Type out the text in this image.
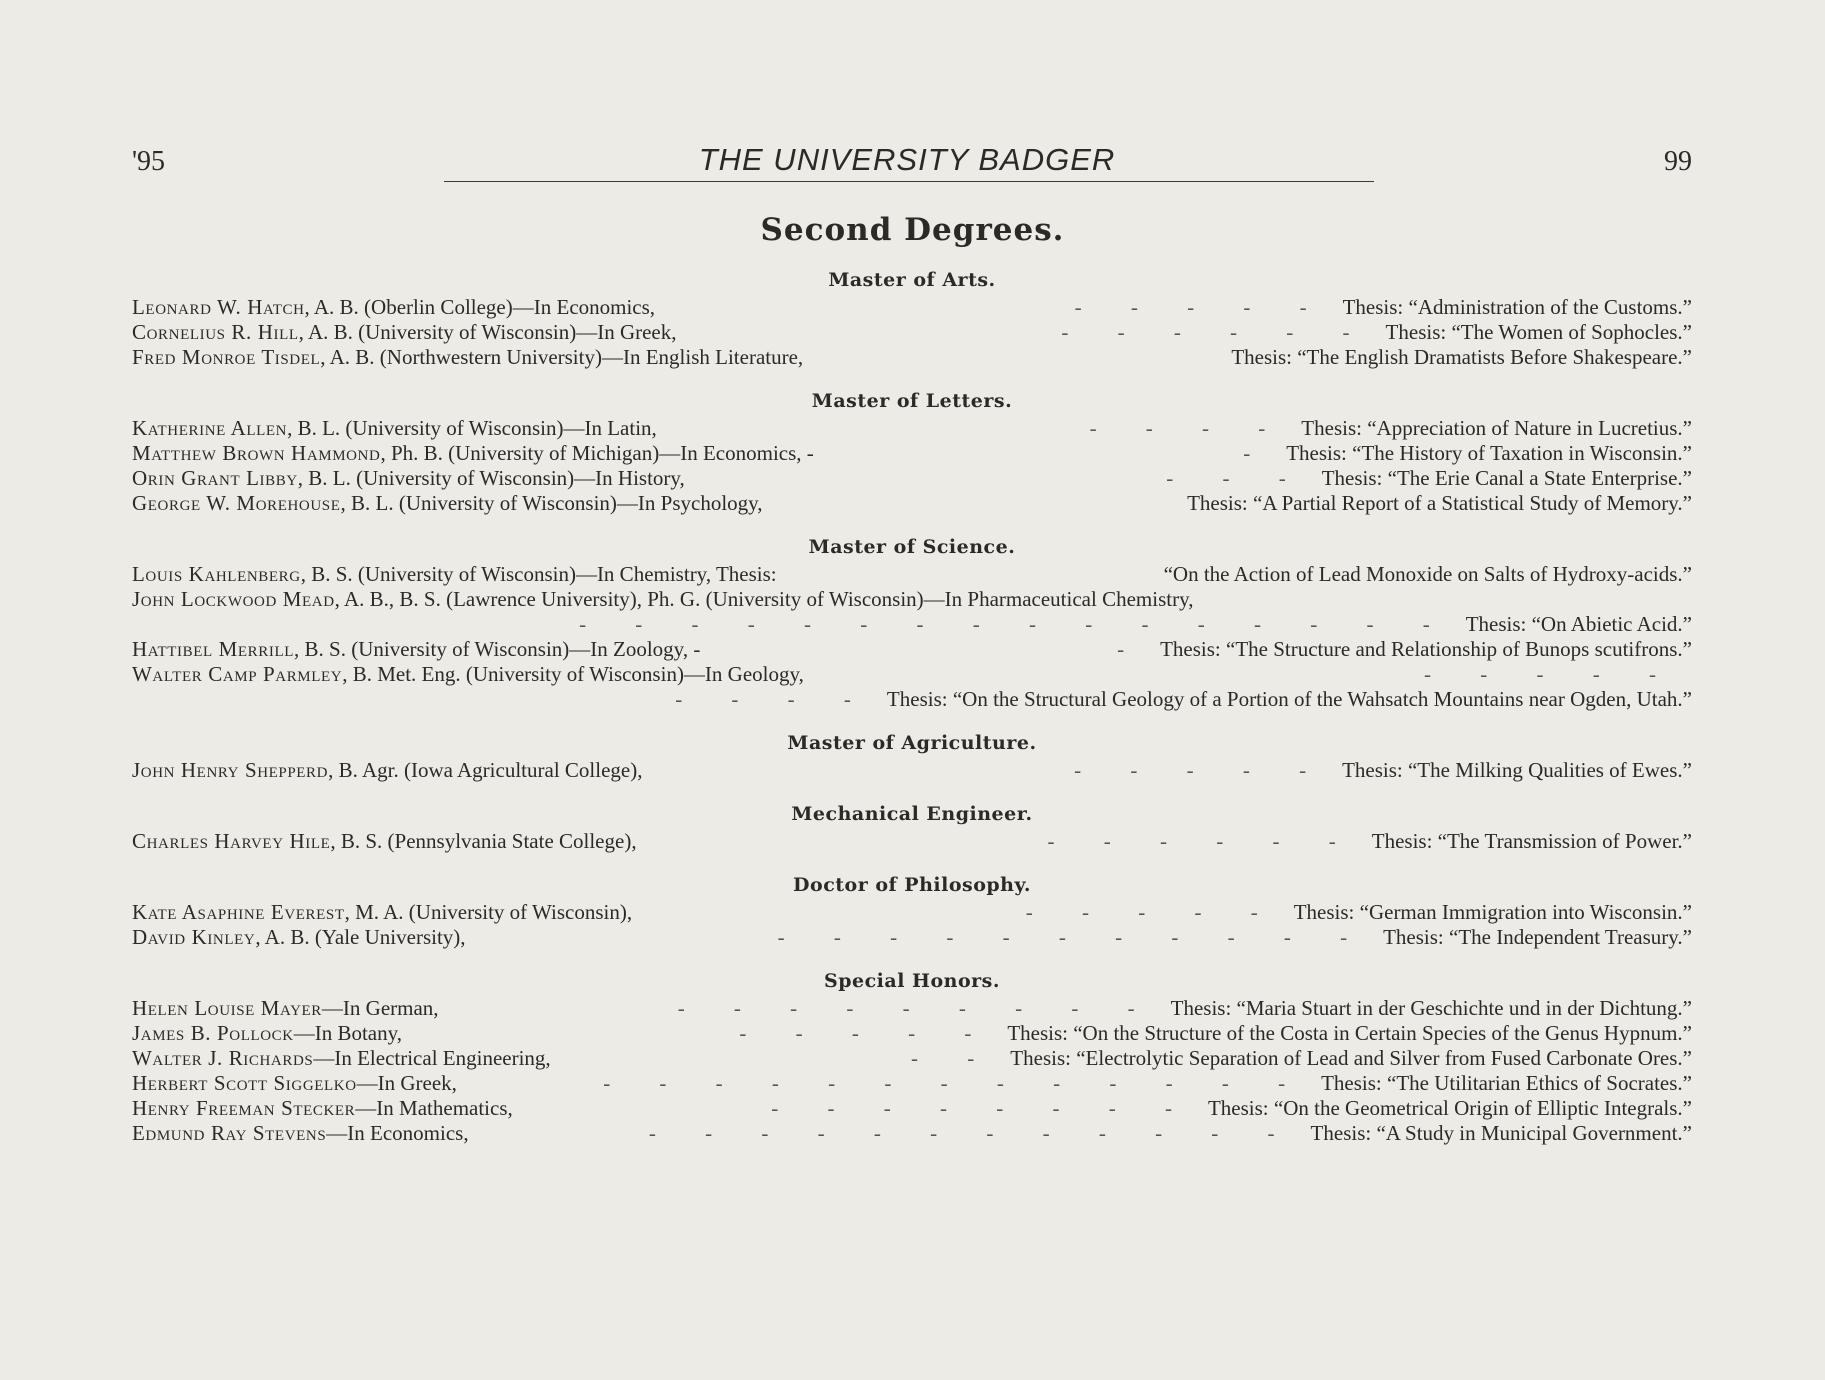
'95	THE UNIVERSITY BADGER	99
Second Degrees.
Master of Arts.
Leonard W. Hatch, A. B. (Oberlin College)—In Economics,	- - - - - Thesis: “Administration of the Customs.”
Cornelius R. Hill, A. B. (University of Wisconsin)—In Greek,	- - - - - - Thesis: “The Women of Sophocles.”
Fred Monroe Tisdel, A. B. (Northwestern University)—In English Literature,	Thesis: “The English Dramatists Before Shakespeare.”
Master of Letters.
Katherine Allen, B. L. (University of Wisconsin)—In Latin,	- - - - Thesis: “Appreciation of Nature in Lucretius.”
Matthew Brown Hammond, Ph. B. (University of Michigan)—In Economics, -	- Thesis: “The History of Taxation in Wisconsin.”
Orin Grant Libby, B. L. (University of Wisconsin)—In History,	- - - Thesis: “The Erie Canal a State Enterprise.”
George W. Morehouse, B. L. (University of Wisconsin)—In Psychology,	Thesis: “A Partial Report of a Statistical Study of Memory.”
Master of Science.
Louis Kahlenberg, B. S. (University of Wisconsin)—In Chemistry, Thesis:	“On the Action of Lead Monoxide on Salts of Hydroxy-acids.”
John Lockwood Mead, A. B., B. S. (Lawrence University), Ph. G. (University of Wisconsin)—In Pharmaceutical Chemistry,
- - - - - - - - - - - - - - - - Thesis: “On Abietic Acid.”
Hattibel Merrill, B. S. (University of Wisconsin)—In Zoology, -	- Thesis: “The Structure and Relationship of Bunops scutifrons.”
Walter Camp Parmley, B. Met. Eng. (University of Wisconsin)—In Geology,	- - - - -
- - - - Thesis: “On the Structural Geology of a Portion of the Wahsatch Mountains near Ogden, Utah.”
Master of Agriculture.
John Henry Shepperd, B. Agr. (Iowa Agricultural College),	- - - - - Thesis: “The Milking Qualities of Ewes.”
Mechanical Engineer.
Charles Harvey Hile, B. S. (Pennsylvania State College),	- - - - - - Thesis: “The Transmission of Power.”
Doctor of Philosophy.
Kate Asaphine Everest, M. A. (University of Wisconsin),	- - - - - Thesis: “German Immigration into Wisconsin.”
David Kinley, A. B. (Yale University),	- - - - - - - - - - - Thesis: “The Independent Treasury.”
Special Honors.
Helen Louise Mayer—In German,	- - - - - - - - - Thesis: “Maria Stuart in der Geschichte und in der Dichtung.”
James B. Pollock—In Botany,	- - - - - Thesis: “On the Structure of the Costa in Certain Species of the Genus Hypnum.”
Walter J. Richards—In Electrical Engineering,	- - Thesis: “Electrolytic Separation of Lead and Silver from Fused Carbonate Ores.”
Herbert Scott Siggelko—In Greek,	- - - - - - - - - - - - - Thesis: “The Utilitarian Ethics of Socrates.”
Henry Freeman Stecker—In Mathematics,	- - - - - - - - Thesis: “On the Geometrical Origin of Elliptic Integrals.”
Edmund Ray Stevens—In Economics,	- - - - - - - - - - - - Thesis: “A Study in Municipal Government.”
